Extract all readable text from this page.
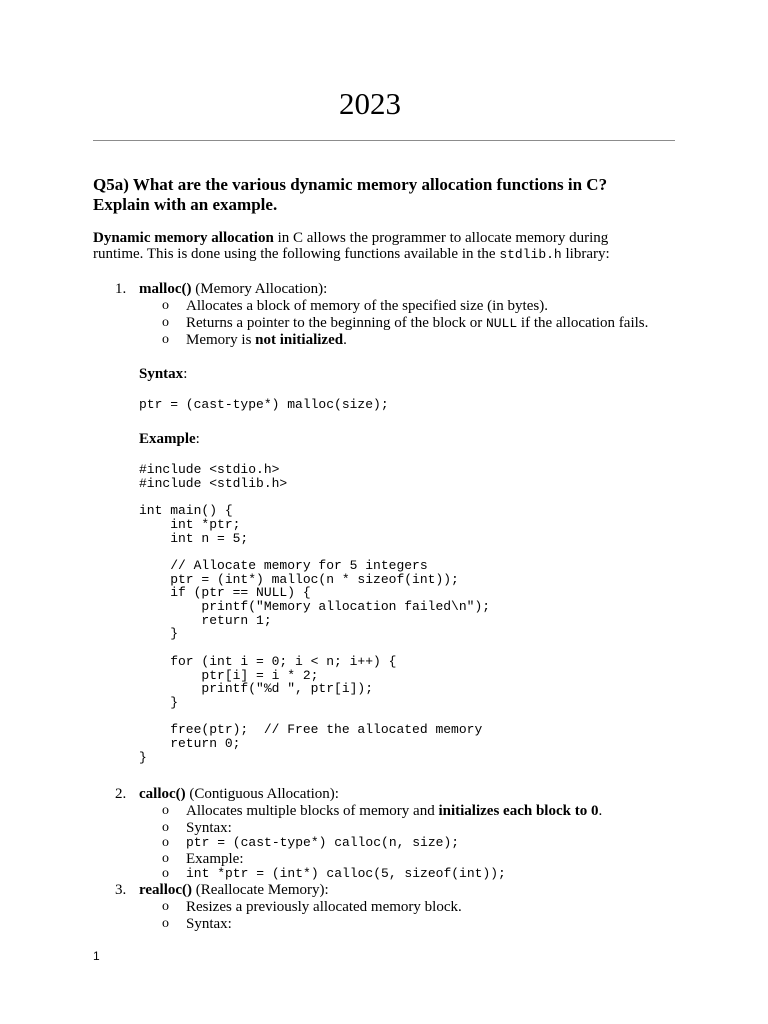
2023
Q5a) What are the various dynamic memory allocation functions in C?
Explain with an example.
Dynamic memory allocation in C allows the programmer to allocate memory during
runtime. This is done using the following functions available in the stdlib.h library:
1. malloc() (Memory Allocation):
o Allocates a block of memory of the specified size (in bytes).
o Returns a pointer to the beginning of the block or NULL if the allocation fails.
o Memory is not initialized.
Syntax:
ptr = (cast-type*) malloc(size);
Example:
#include <stdio.h>
#include <stdlib.h>

int main() {
int *ptr;
int n = 5;

// Allocate memory for 5 integers
ptr = (int*) malloc(n * sizeof(int));
if (ptr == NULL) {
printf("Memory allocation failed\n");
return 1;
}

for (int i = 0; i < n; i++) {
ptr[i] = i * 2;
printf("%d ", ptr[i]);
}

free(ptr);  // Free the allocated memory
return 0;
}
2. calloc() (Contiguous Allocation):
o Allocates multiple blocks of memory and initializes each block to 0.
o Syntax:
o ptr = (cast-type*) calloc(n, size);
o Example:
o int *ptr = (int*) calloc(5, sizeof(int));
3. realloc() (Reallocate Memory):
o Resizes a previously allocated memory block.
o Syntax:
1
